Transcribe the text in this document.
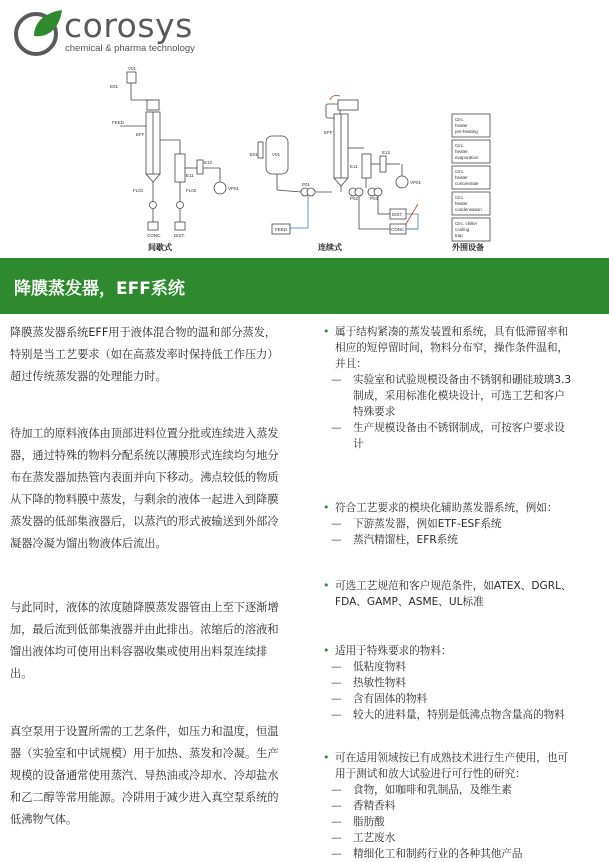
corosys
chemical & pharma technology
V01
E01
FEED
EFF
FL01	FL02
E11
E12
VP01
CONC.	DIST.
E01	V01
P01
P02	P03
EFF
E11
E12
VP01
DIST.
CONC.
FEED
Circ. heater pre-heating
Circ. heater evaporation
Circ. heater concentrate
Circ. heater condensation
Circ. chiller cooling trap
间歇式	连续式	外围设备
降膜蒸发器，EFF系统
降膜蒸发器系统EFF用于液体混合物的温和部分蒸发，
特别是当工艺要求（如在高蒸发率时保持低工作压力）
超过传统蒸发器的处理能力时。
待加工的原料液体由顶部进料位置分批或连续进入蒸发
器，通过特殊的物料分配系统以薄膜形式连续均匀地分
布在蒸发器加热管内表面并向下移动。沸点较低的物质
从下降的物料膜中蒸发，与剩余的液体一起进入到降膜
蒸发器的低部集液器后，以蒸汽的形式被输送到外部冷
凝器冷凝为馏出物液体后流出。
与此同时，液体的浓度随降膜蒸发器管由上至下逐渐增
加，最后流到低部集液器并由此排出。浓缩后的溶液和
馏出液体均可使用出料容器收集或使用出料泵连续排
出。
真空泵用于设置所需的工艺条件，如压力和温度，恒温
器（实验室和中试规模）用于加热、蒸发和冷凝。生产
规模的设备通常使用蒸汽、导热油或冷却水、冷却盐水
和乙二醇等常用能源。冷阱用于减少进入真空泵系统的
低沸物气体。
• 属于结构紧凑的蒸发装置和系统，具有低滞留率和
相应的短停留时间，物料分布窄，操作条件温和，
并且：
— 实验室和试验规模设备由不锈钢和硼硅玻璃3.3
制成，采用标准化模块设计，可选工艺和客户
特殊要求
— 生产规模设备由不锈钢制成，可按客户要求设
计
• 符合工艺要求的模块化辅助蒸发器系统，例如：
— 下游蒸发器，例如ETF-ESF系统
— 蒸汽精馏柱，EFR系统
• 可选工艺规范和客户规范条件，如ATEX、DGRL、
FDA、GAMP、ASME、UL标准
• 适用于特殊要求的物料：
— 低粘度物料
— 热敏性物料
— 含有固体的物料
— 较大的进料量，特别是低沸点物含量高的物料
• 可在适用领域按已有成熟技术进行生产使用，也可
用于测试和放大试验进行可行性的研究：
— 食物，如咖啡和乳制品，及维生素
— 香精香料
— 脂肪酸
— 工艺废水
— 精细化工和制药行业的各种其他产品
